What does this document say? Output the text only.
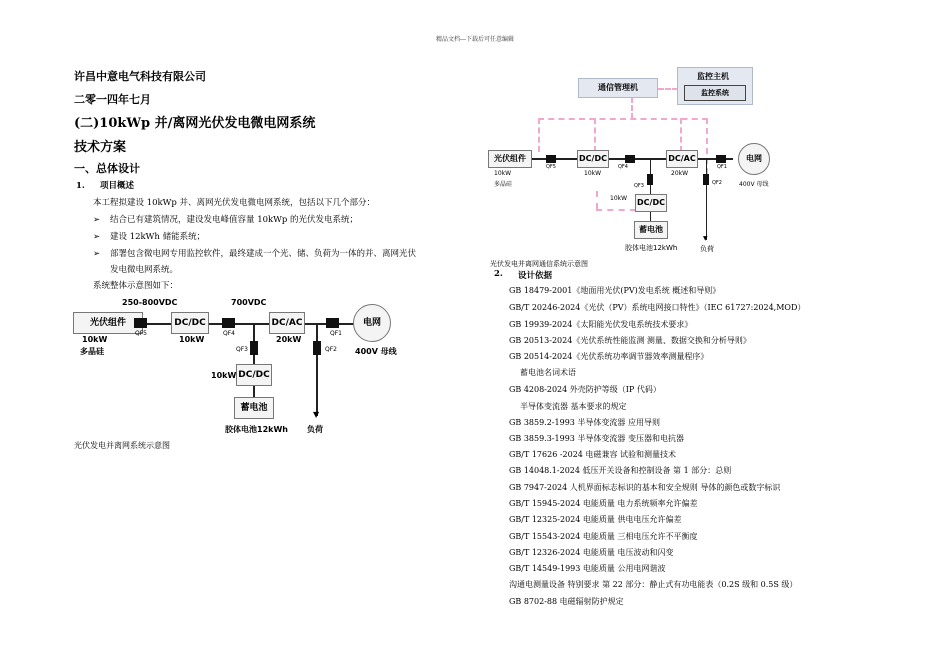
精品文档---下载后可任意编辑
许昌中意电气科技有限公司
二零一四年七月
(二)10kWp 并/离网光伏发电微电网系统
技术方案
一、总体设计
1. 项目概述
本工程拟建设 10kWp 并、离网光伏发电微电网系统，包括以下几个部分：
➢ 结合已有建筑情况，建设发电峰值容量 10kWp 的光伏发电系统；
➢ 建设 12kWh 储能系统；
➢ 部署包含微电网专用监控软件，最终建成一个光、储、负荷为一体的并、离网光伏
发电微电网系统。
系统整体示意图如下：
250-800VDC	700VDC
光伏组件
QF5
DC/DC
QF4
DC/AC
QF1
电网
10kW
多晶硅
10kW	20kW
400V 母线
QF3
10kW DC/DC
蓄电池
胶体电池12kWh
QF2
▼
负荷
光伏发电并离网系统示意图
通信管理机
监控主机
监控系统
光伏组件
QF5
DC/DC
QF4
DC/AC
QF1
电网
10kW
多晶硅
10kW	20kW
400V 母线
QF3
10kW DC/DC
蓄电池
胶体电池12kWh
QF2
▼
负荷
光伏发电并离网通信系统示意图
2. 设计依据
GB 18479-2001《地面用光伏(PV)发电系统 概述和导则》
GB/T 20246-2024《光伏（PV）系统电网接口特性》（IEC 61727:2024,MOD）
GB 19939-2024《太阳能光伏发电系统技术要求》
GB 20513-2024《光伏系统性能监测 测量、数据交换和分析导则》
GB 20514-2024《光伏系统功率调节器效率测量程序》
蓄电池名词术语
GB 4208-2024 外壳防护等级（IP 代码）
半导体变流器 基本要求的规定
GB 3859.2-1993 半导体变流器 应用导则
GB 3859.3-1993 半导体变流器 变压器和电抗器
GB/T 17626 -2024 电磁兼容 试验和测量技术
GB 14048.1-2024 低压开关设备和控制设备 第 1 部分：总则
GB 7947-2024 人机界面标志标识的基本和安全规则 导体的颜色或数字标识
GB/T 15945-2024 电能质量 电力系统频率允许偏差
GB/T 12325-2024 电能质量 供电电压允许偏差
GB/T 15543-2024 电能质量 三相电压允许不平衡度
GB/T 12326-2024 电能质量 电压波动和闪变
GB/T 14549-1993 电能质量 公用电网谐波
沟通电测量设备 特别要求 第 22 部分：静止式有功电能表（0.2S 级和 0.5S 级）
GB 8702-88 电磁辐射防护规定
